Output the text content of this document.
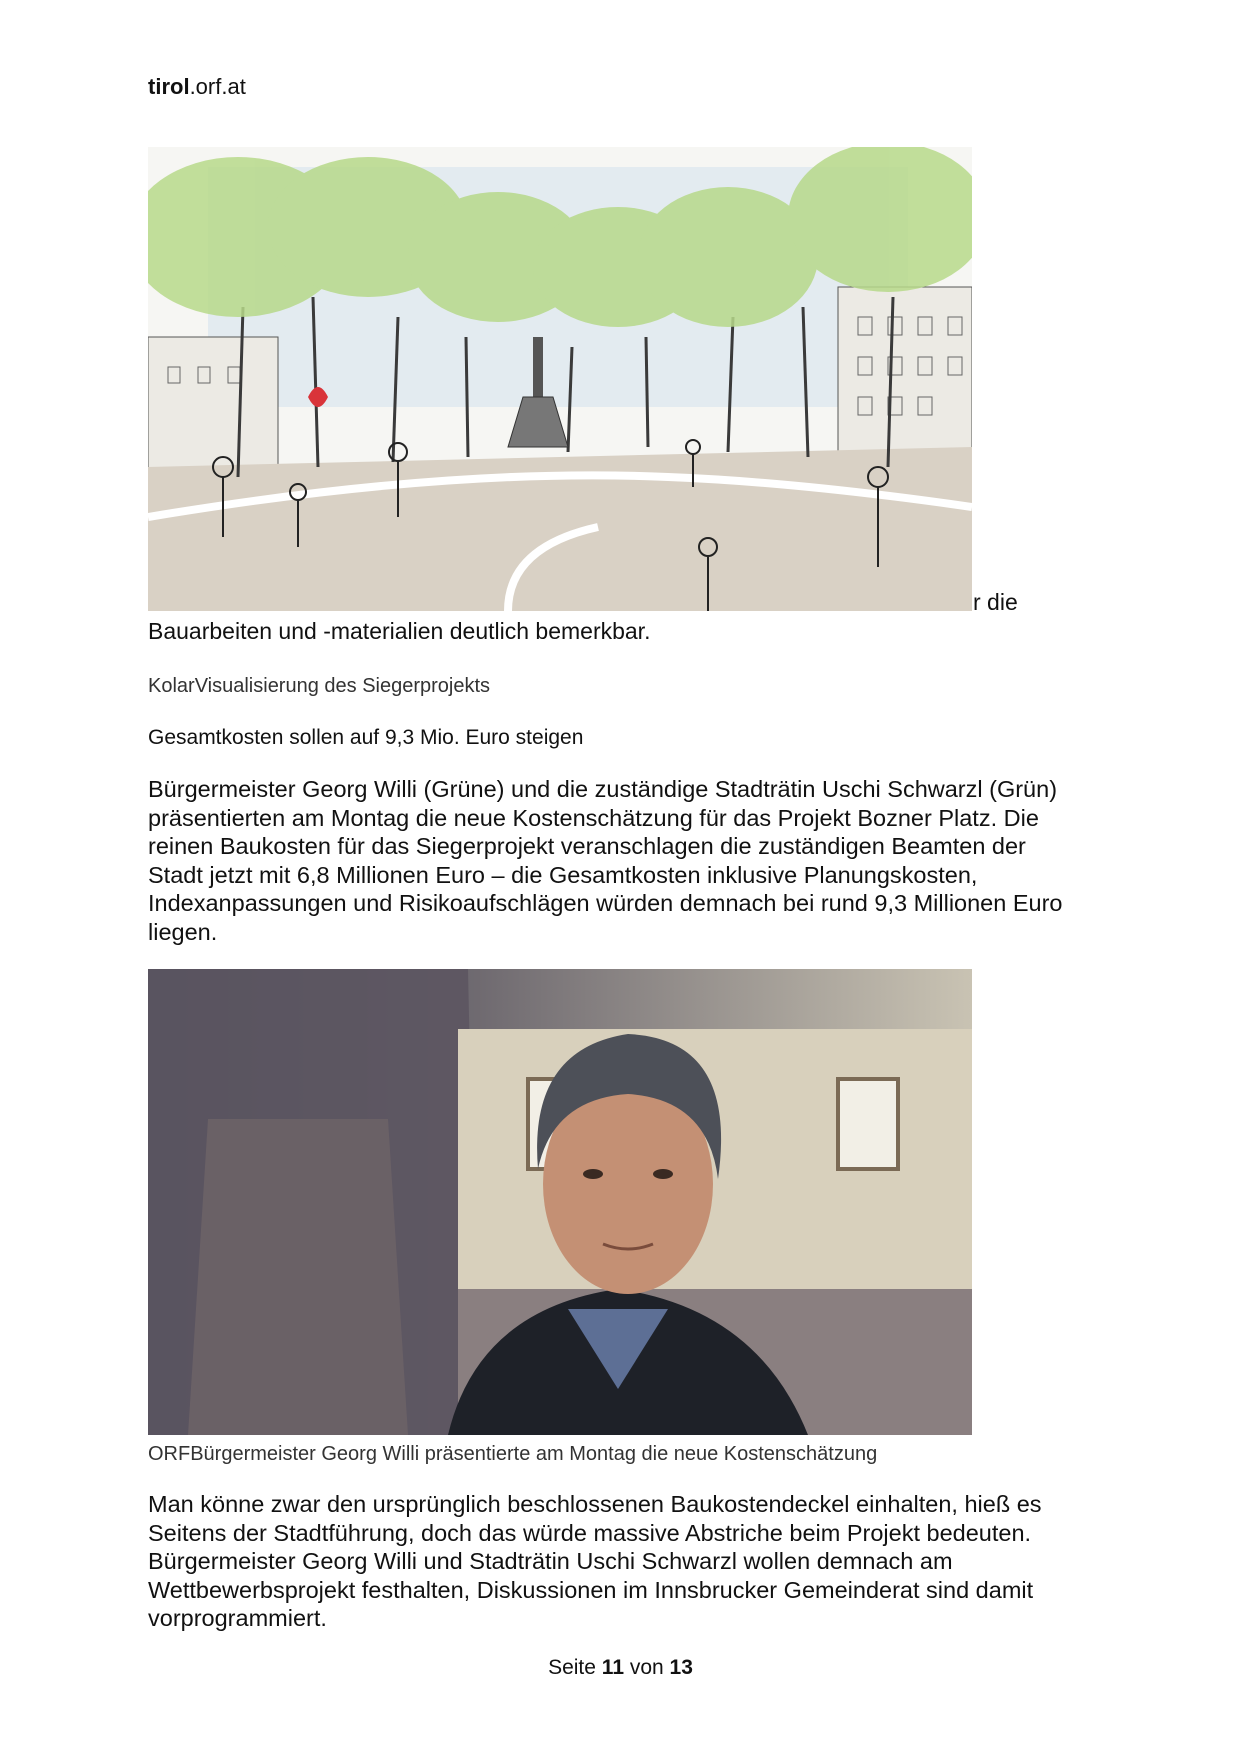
tirol.orf.at
r die

Bauarbeiten und -materialien deutlich bemerkbar.

KolarVisualisierung des Siegerprojekts

Gesamtkosten sollen auf 9,3 Mio. Euro steigen

Bürgermeister Georg Willi (Grüne) und die zuständige Stadträtin Uschi Schwarzl (Grün) präsentierten am Montag die neue Kostenschätzung für das Projekt Bozner Platz. Die reinen Baukosten für das Siegerprojekt veranschlagen die zuständigen Beamten der Stadt jetzt mit 6,8 Millionen Euro – die Gesamtkosten inklusive Planungskosten, Indexanpassungen und Risikoaufschlägen würden demnach bei rund 9,3 Millionen Euro liegen.

ORFBürgermeister Georg Willi präsentierte am Montag die neue Kostenschätzung

Man könne zwar den ursprünglich beschlossenen Baukostendeckel einhalten, hieß es Seitens der Stadtführung, doch das würde massive Abstriche beim Projekt bedeuten. Bürgermeister Georg Willi und Stadträtin Uschi Schwarzl wollen demnach am Wettbewerbsprojekt festhalten, Diskussionen im Innsbrucker Gemeinderat sind damit vorprogrammiert.

Seite 11 von 13
